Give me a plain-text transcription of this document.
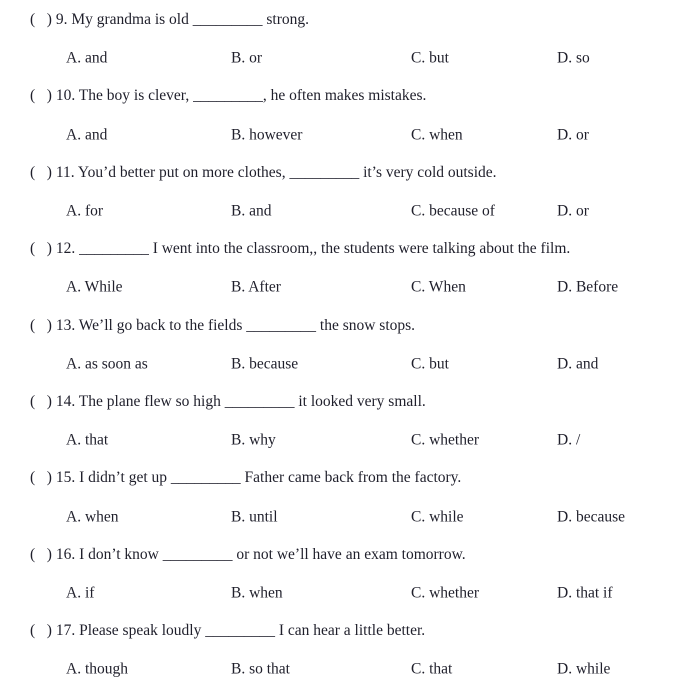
(   ) 9. My grandma is old _________ strong.
A. and	B. or	C. but	D. so
(   ) 10. The boy is clever, _________, he often makes mistakes.
A. and	B. however	C. when	D. or
(   ) 11. You’d better put on more clothes, _________ it’s very cold outside.
A. for	B. and	C. because of	D. or
(   ) 12. _________ I went into the classroom,, the students were talking about the film.
A. While	B. After	C. When	D. Before
(   ) 13. We’ll go back to the fields _________ the snow stops.
A. as soon as	B. because	C. but	D. and
(   ) 14. The plane flew so high _________ it looked very small.
A. that	B. why	C. whether	D. /
(   ) 15. I didn’t get up _________ Father came back from the factory.
A. when	B. until	C. while	D. because
(   ) 16. I don’t know _________ or not we’ll have an exam tomorrow.
A. if	B. when	C. whether	D. that if
(   ) 17. Please speak loudly _________ I can hear a little better.
A. though	B. so that	C. that	D. while
